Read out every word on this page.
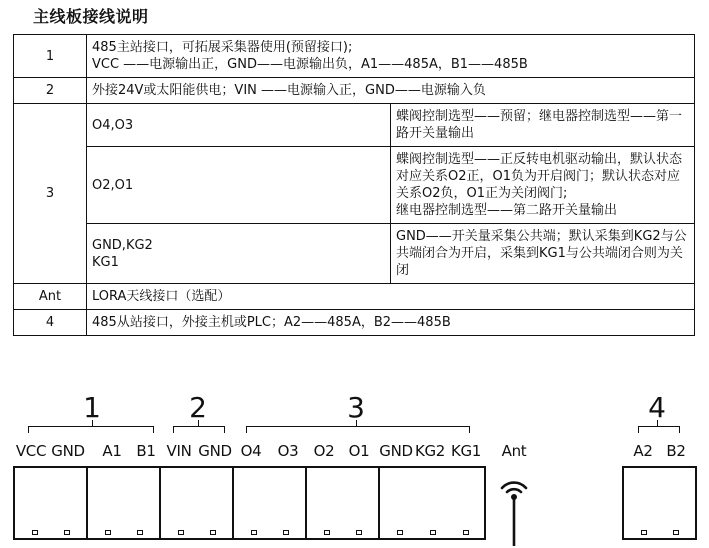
主线板接线说明
1	485主站接口，可拓展采集器使用(预留接口);
VCC ——电源输出正，GND——电源输出负，A1——485A，B1——485B	
2	外接24V或太阳能供电；VIN ——电源输入正，GND——电源输入负	
3	O4,O3	蝶阀控制选型——预留；继电器控制选型——第一路开关量输出
	O2,O1	蝶阀控制选型——正反转电机驱动输出，默认状态对应关系O2正，O1负为开启阀门；默认状态对应关系O2负，O1正为关闭阀门;
继电器控制选型——第二路开关量输出
	GND,KG2
KG1	GND——开关量采集公共端；默认采集到KG2与公共端闭合为开启，采集到KG1与公共端闭合则为关闭
Ant	LORA天线接口（选配）	
4	485从站接口，外接主机或PLC；A2——485A，B2——485B	
1	2	3	4
VCC GND A1 B1 VIN GND O4 O3 O2 O1 GND KG2 KG1 Ant	A2 B2
